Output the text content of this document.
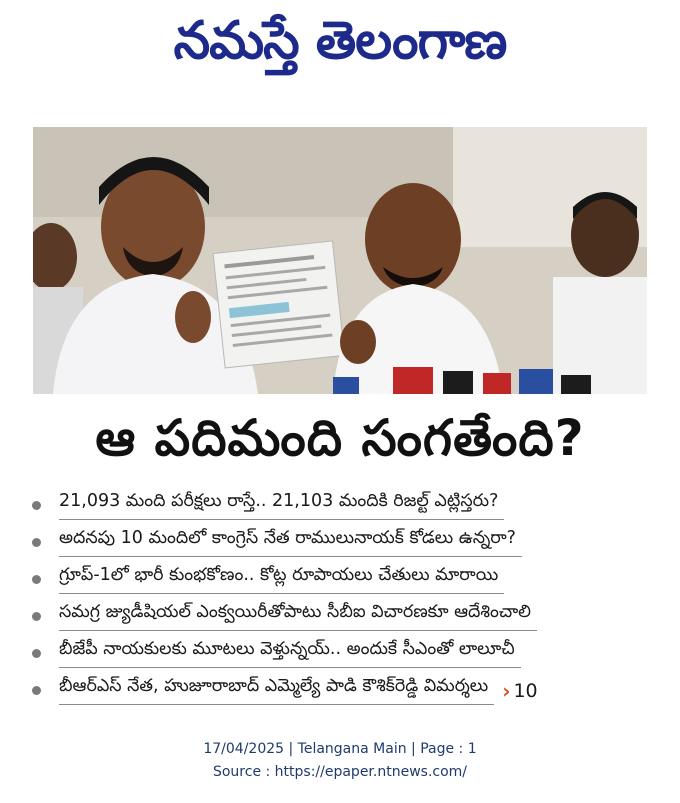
నమస్తే తెలంగాణ
ఆ పదిమంది సంగతేంది?
21,093 మంది పరీక్షలు రాస్తే.. 21,103 మందికి రిజల్ట్ ఎట్లిస్తరు?
అదనపు 10 మందిలో కాంగ్రెస్ నేత రాములునాయక్ కోడలు ఉన్నరా?
గ్రూప్-1లో భారీ కుంభకోణం.. కోట్ల రూపాయలు చేతులు మారాయి
సమగ్ర జ్యుడీషియల్ ఎంక్వయిరీతోపాటు సీబీఐ విచారణకూ ఆదేశించాలి
బీజేపీ నాయకులకు మూటలు వెళ్తున్నయ్.. అందుకే సీఎంతో లాలూచీ
బీఆర్ఎస్ నేత, హుజూరాబాద్ ఎమ్మెల్యే పాడి కౌశిక్‌రెడ్డి విమర్శలు › 10
17/04/2025 | Telangana Main | Page : 1
Source : https://epaper.ntnews.com/
